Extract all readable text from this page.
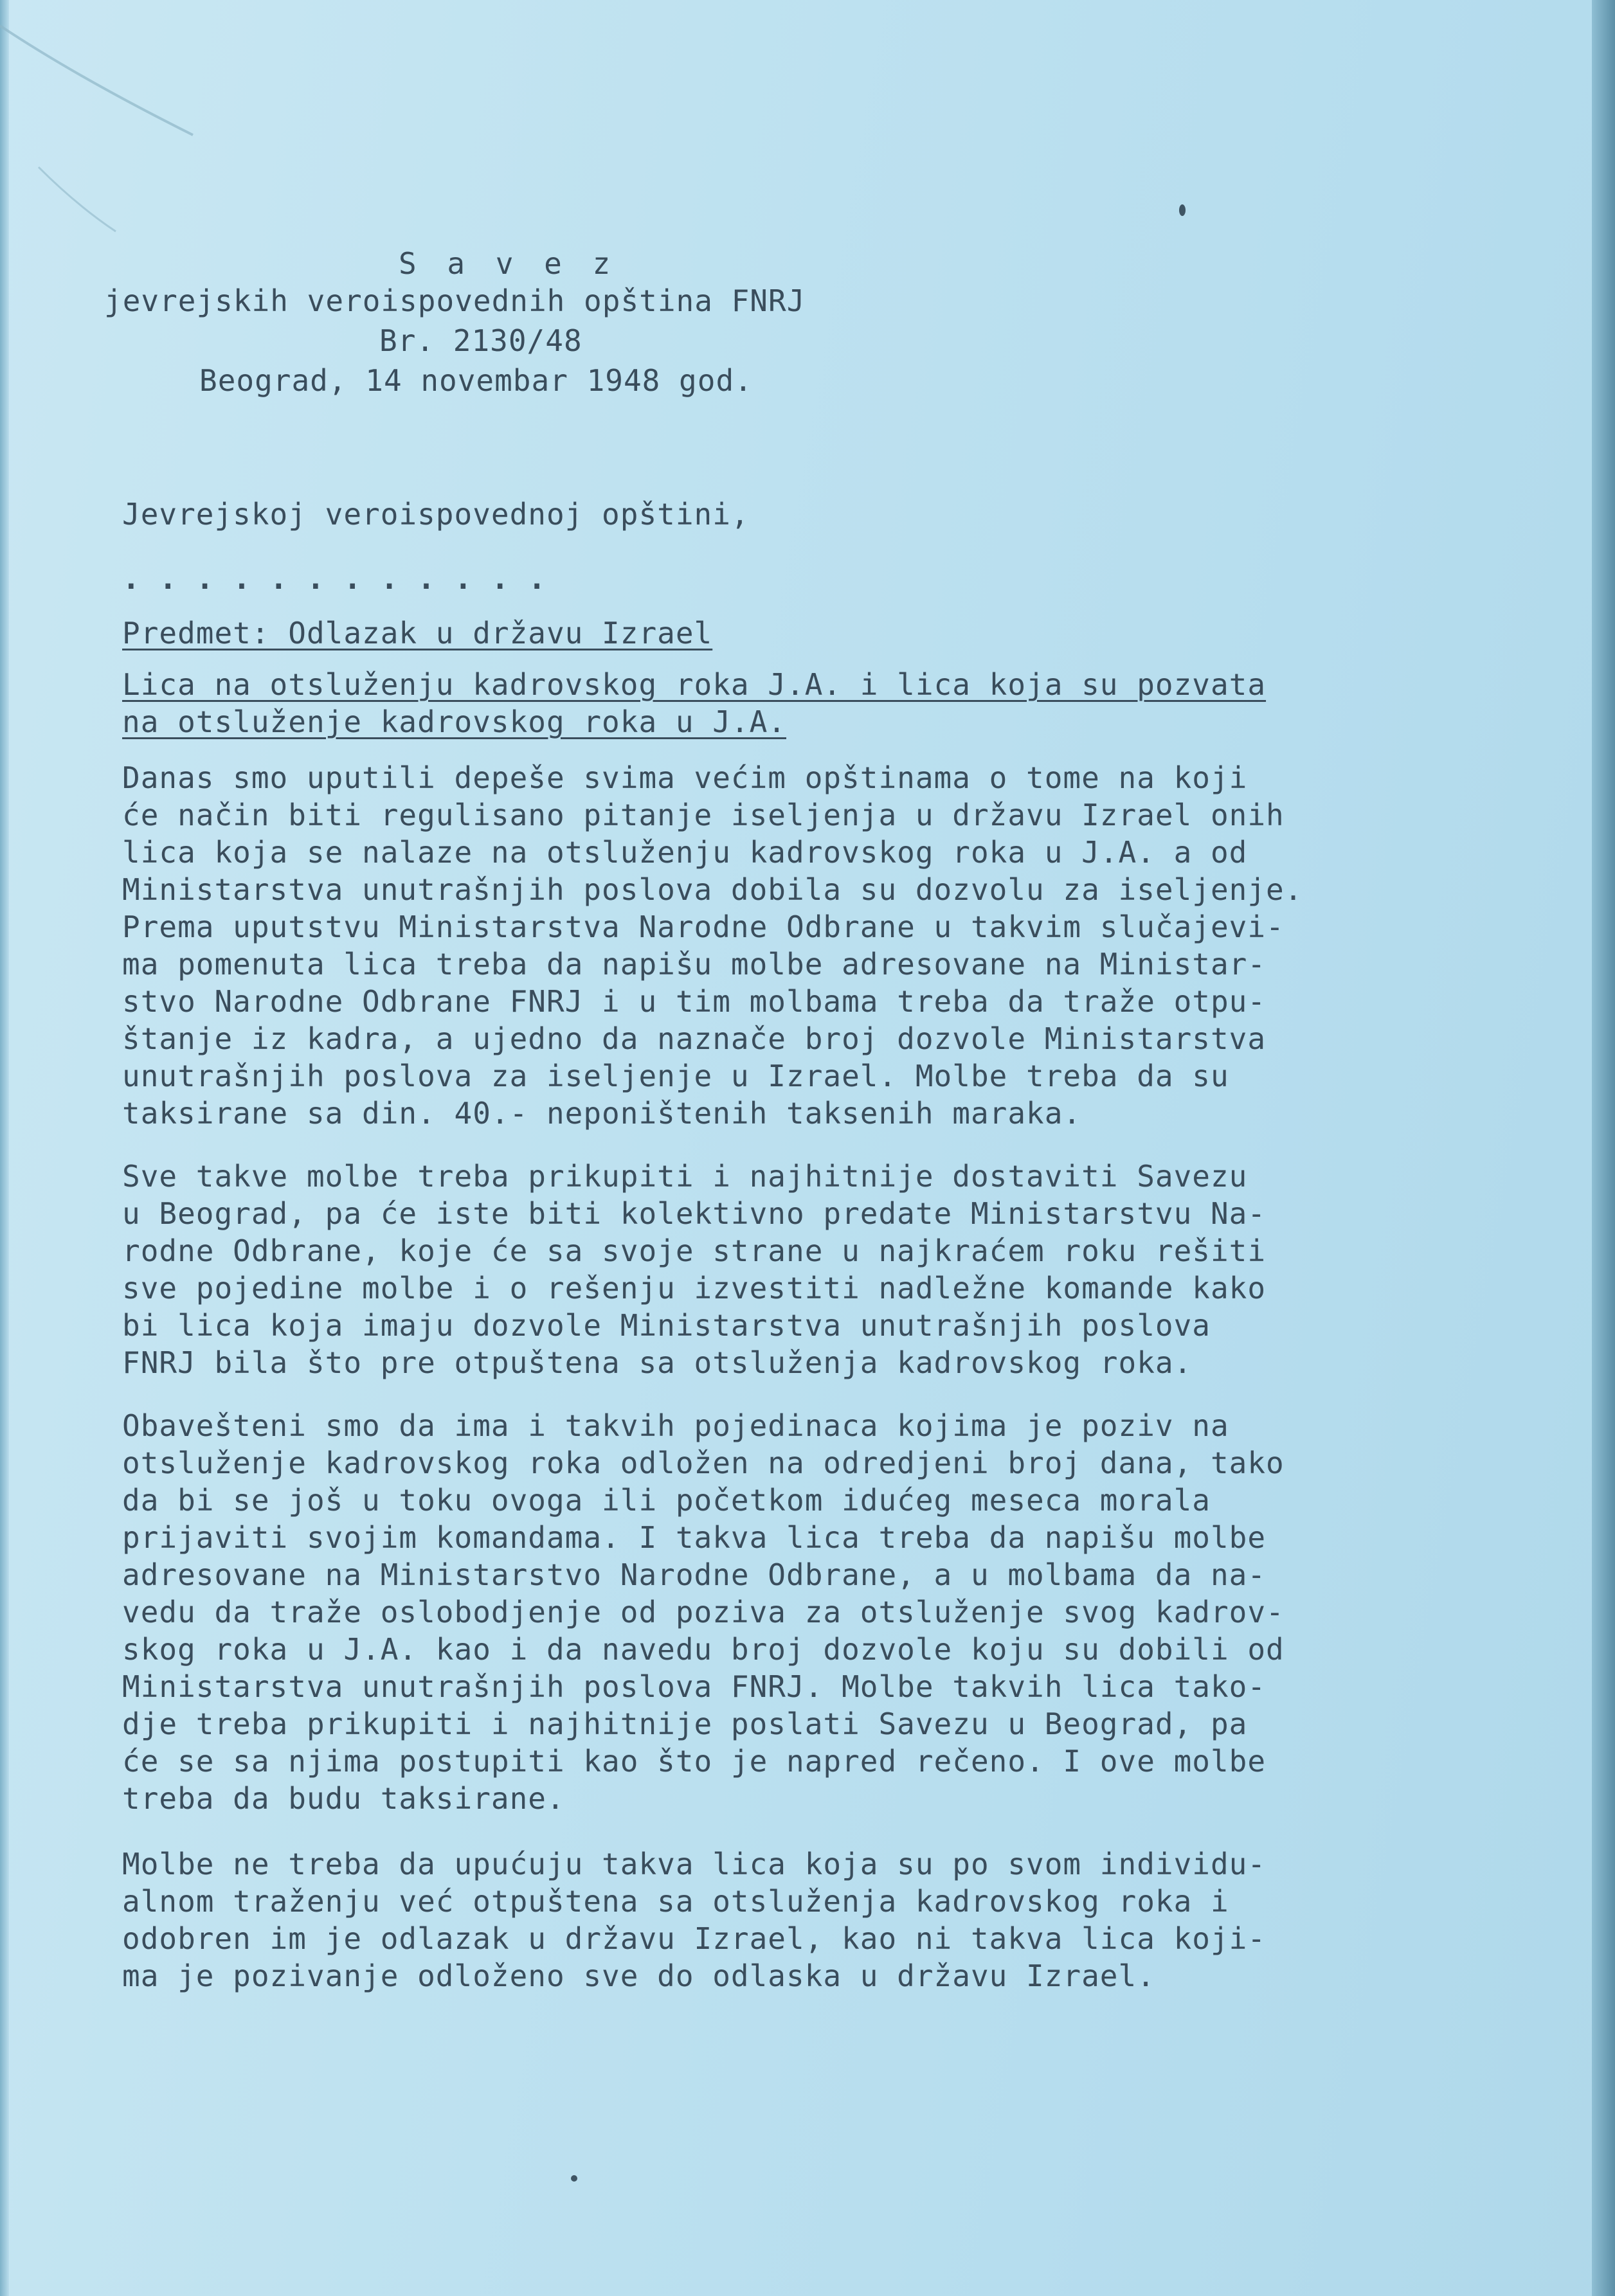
S a v e z
jevrejskih veroispovednih opština FNRJ
Br. 2130/48
Beograd, 14 novembar 1948 god.
Jevrejskoj veroispovednoj opštini,
. . . . . . . . . . . .
Predmet: Odlazak u državu Izrael
Lica na otsluženju kadrovskog roka J.A. i lica koja su pozvata
na otsluženje kadrovskog roka u J.A.
Danas smo uputili depeše svima većim opštinama o tome na koji
će način biti regulisano pitanje iseljenja u državu Izrael onih
lica koja se nalaze na otsluženju kadrovskog roka u J.A. a od
Ministarstva unutrašnjih poslova dobila su dozvolu za iseljenje.
Prema uputstvu Ministarstva Narodne Odbrane u takvim slučajevi-
ma pomenuta lica treba da napišu molbe adresovane na Ministar-
stvo Narodne Odbrane FNRJ i u tim molbama treba da traže otpu-
štanje iz kadra, a ujedno da naznače broj dozvole Ministarstva
unutrašnjih poslova za iseljenje u Izrael. Molbe treba da su
taksirane sa din. 40.- neponištenih taksenih maraka.
Sve takve molbe treba prikupiti i najhitnije dostaviti Savezu
u Beograd, pa će iste biti kolektivno predate Ministarstvu Na-
rodne Odbrane, koje će sa svoje strane u najkraćem roku rešiti
sve pojedine molbe i o rešenju izvestiti nadležne komande kako
bi lica koja imaju dozvole Ministarstva unutrašnjih poslova
FNRJ bila što pre otpuštena sa otsluženja kadrovskog roka.
Obavešteni smo da ima i takvih pojedinaca kojima je poziv na
otsluženje kadrovskog roka odložen na odredjeni broj dana, tako
da bi se još u toku ovoga ili početkom idućeg meseca morala
prijaviti svojim komandama. I takva lica treba da napišu molbe
adresovane na Ministarstvo Narodne Odbrane, a u molbama da na-
vedu da traže oslobodjenje od poziva za otsluženje svog kadrov-
skog roka u J.A. kao i da navedu broj dozvole koju su dobili od
Ministarstva unutrašnjih poslova FNRJ. Molbe takvih lica tako-
dje treba prikupiti i najhitnije poslati Savezu u Beograd, pa
će se sa njima postupiti kao što je napred rečeno. I ove molbe
treba da budu taksirane.
Molbe ne treba da upućuju takva lica koja su po svom individu-
alnom traženju već otpuštena sa otsluženja kadrovskog roka i
odobren im je odlazak u državu Izrael, kao ni takva lica koji-
ma je pozivanje odloženo sve do odlaska u državu Izrael.
